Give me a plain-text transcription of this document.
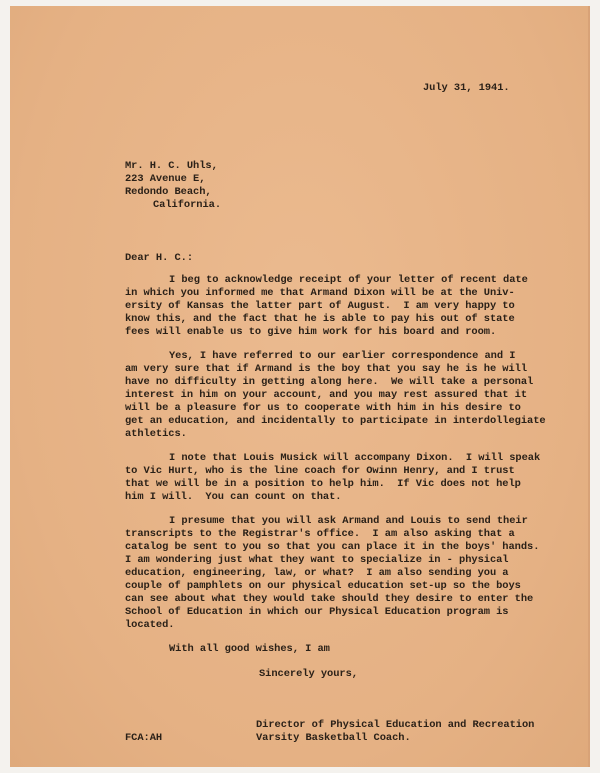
July 31, 1941.
Mr. H. C. Uhls,
223 Avenue E,
Redondo Beach,
California.
Dear H. C.:
I beg to acknowledge receipt of your letter of recent date
in which you informed me that Armand Dixon will be at the Univ-
ersity of Kansas the latter part of August.  I am very happy to
know this, and the fact that he is able to pay his out of state
fees will enable us to give him work for his board and room.
Yes, I have referred to our earlier correspondence and I
am very sure that if Armand is the boy that you say he is he will
have no difficulty in getting along here.  We will take a personal
interest in him on your account, and you may rest assured that it
will be a pleasure for us to cooperate with him in his desire to
get an education, and incidentally to participate in interdollegiate
athletics.
I note that Louis Musick will accompany Dixon.  I will speak
to Vic Hurt, who is the line coach for Owinn Henry, and I trust
that we will be in a position to help him.  If Vic does not help
him I will.  You can count on that.
I presume that you will ask Armand and Louis to send their
transcripts to the Registrar's office.  I am also asking that a
catalog be sent to you so that you can place it in the boys' hands.
I am wondering just what they want to specialize in - physical
education, engineering, law, or what?  I am also sending you a
couple of pamphlets on our physical education set-up so the boys
can see about what they would take should they desire to enter the
School of Education in which our Physical Education program is
located.
With all good wishes, I am
Sincerely yours,
Director of Physical Education and Recreation
Varsity Basketball Coach.
FCA:AH
